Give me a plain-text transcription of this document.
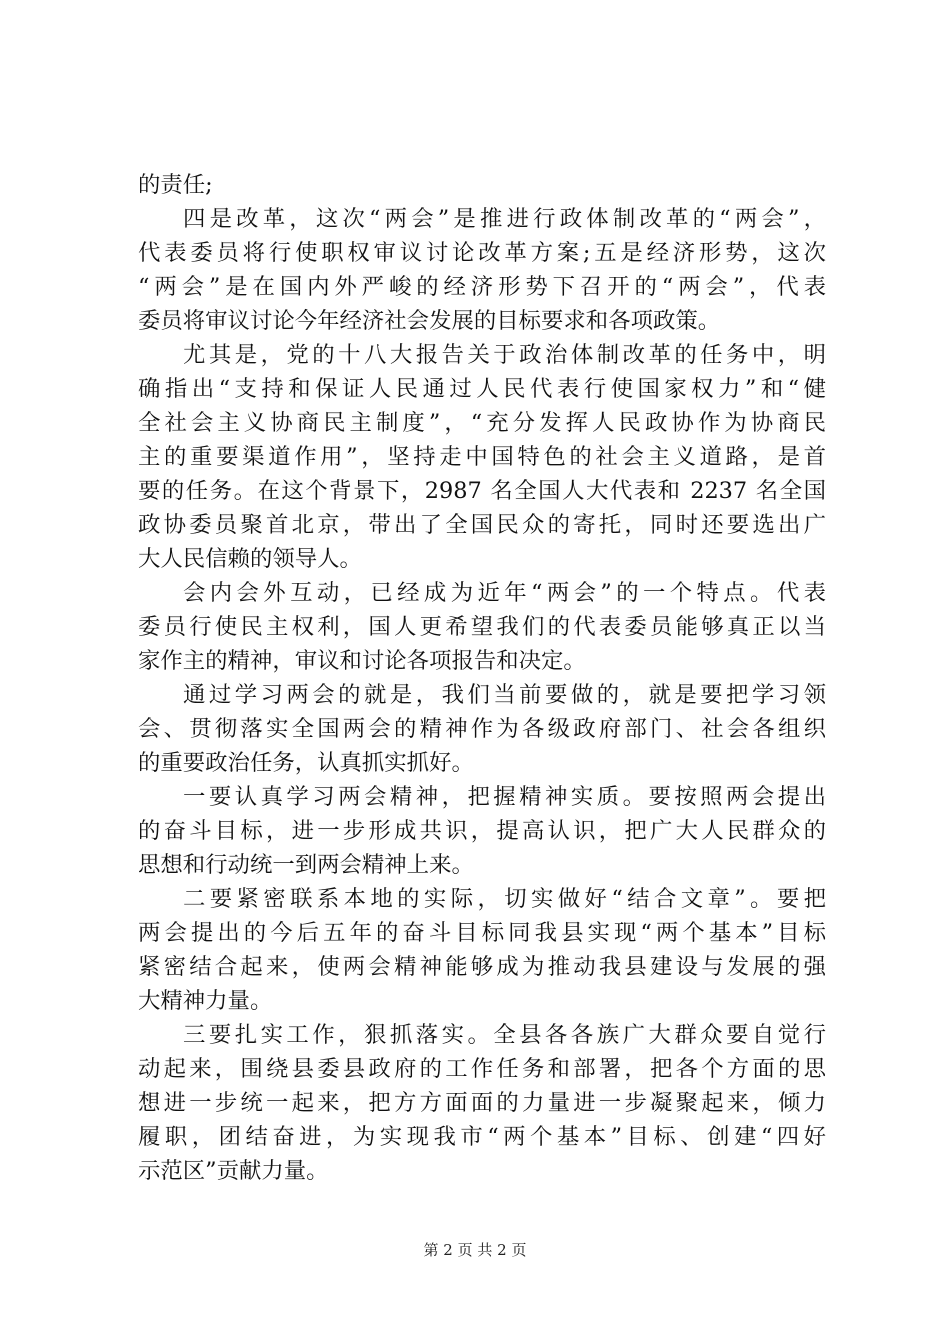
的责任;
四是改革，这次“两会”是推进行政体制改革的“两会”，
代表委员将行使职权审议讨论改革方案;五是经济形势，这次
“两会”是在国内外严峻的经济形势下召开的“两会”，代表
委员将审议讨论今年经济社会发展的目标要求和各项政策。
尤其是，党的十八大报告关于政治体制改革的任务中，明
确指出“支持和保证人民通过人民代表行使国家权力”和“健
全社会主义协商民主制度”，“充分发挥人民政协作为协商民
主的重要渠道作用”，坚持走中国特色的社会主义道路，是首
要的任务。在这个背景下，2987 名全国人大代表和 2237 名全国
政协委员聚首北京，带出了全国民众的寄托，同时还要选出广
大人民信赖的领导人。
会内会外互动，已经成为近年“两会”的一个特点。代表
委员行使民主权利，国人更希望我们的代表委员能够真正以当
家作主的精神，审议和讨论各项报告和决定。
通过学习两会的就是，我们当前要做的，就是要把学习领
会、贯彻落实全国两会的精神作为各级政府部门、社会各组织
的重要政治任务，认真抓实抓好。
一要认真学习两会精神，把握精神实质。要按照两会提出
的奋斗目标，进一步形成共识，提高认识，把广大人民群众的
思想和行动统一到两会精神上来。
二要紧密联系本地的实际，切实做好“结合文章”。要把
两会提出的今后五年的奋斗目标同我县实现“两个基本”目标
紧密结合起来，使两会精神能够成为推动我县建设与发展的强
大精神力量。
三要扎实工作，狠抓落实。全县各各族广大群众要自觉行
动起来，围绕县委县政府的工作任务和部署，把各个方面的思
想进一步统一起来，把方方面面的力量进一步凝聚起来，倾力
履职，团结奋进，为实现我市“两个基本”目标、创建“四好
示范区”贡献力量。
第 2 页 共 2 页
